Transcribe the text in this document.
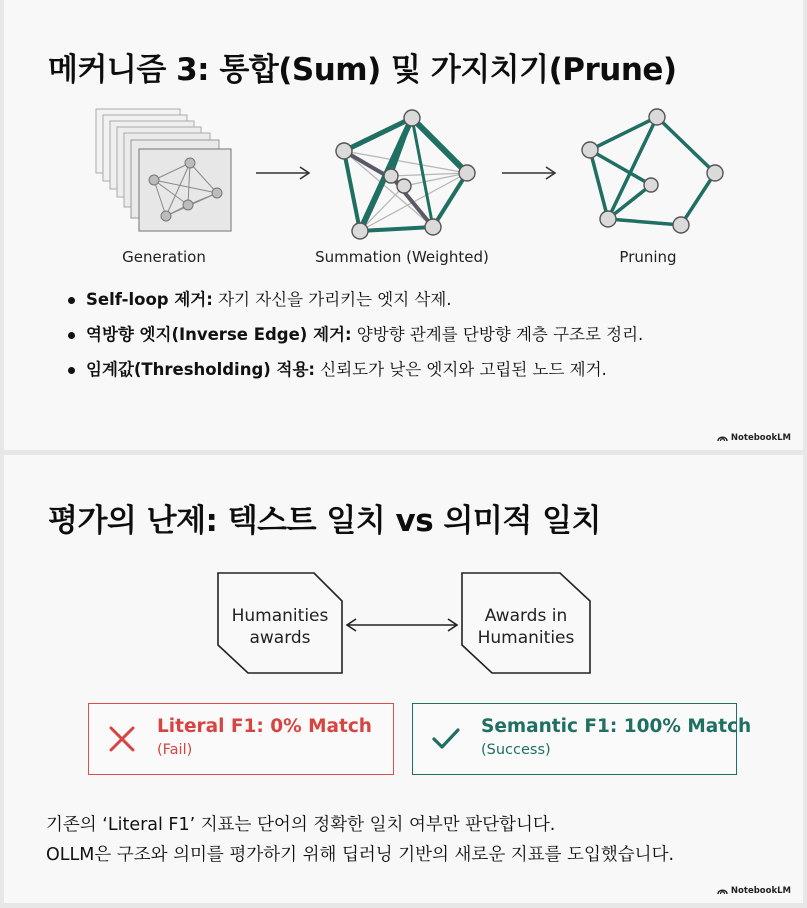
메커니즘 3: 통합(Sum) 및 가지치기(Prune)
Generation	Summation (Weighted)	Pruning
Self-loop 제거: 자기 자신을 가리키는 엣지 삭제.
역방향 엣지(Inverse Edge) 제거: 양방향 관계를 단방향 계층 구조로 정리.
임계값(Thresholding) 적용: 신뢰도가 낮은 엣지와 고립된 노드 제거.
NotebookLM
평가의 난제: 텍스트 일치 vs 의미적 일치
Humanities
awards
Awards in
Humanities
Literal F1: 0% Match
(Fail)
Semantic F1: 100% Match
(Success)
기존의 ‘Literal F1’ 지표는 단어의 정확한 일치 여부만 판단합니다.
OLLM은 구조와 의미를 평가하기 위해 딥러닝 기반의 새로운 지표를 도입했습니다.
NotebookLM
